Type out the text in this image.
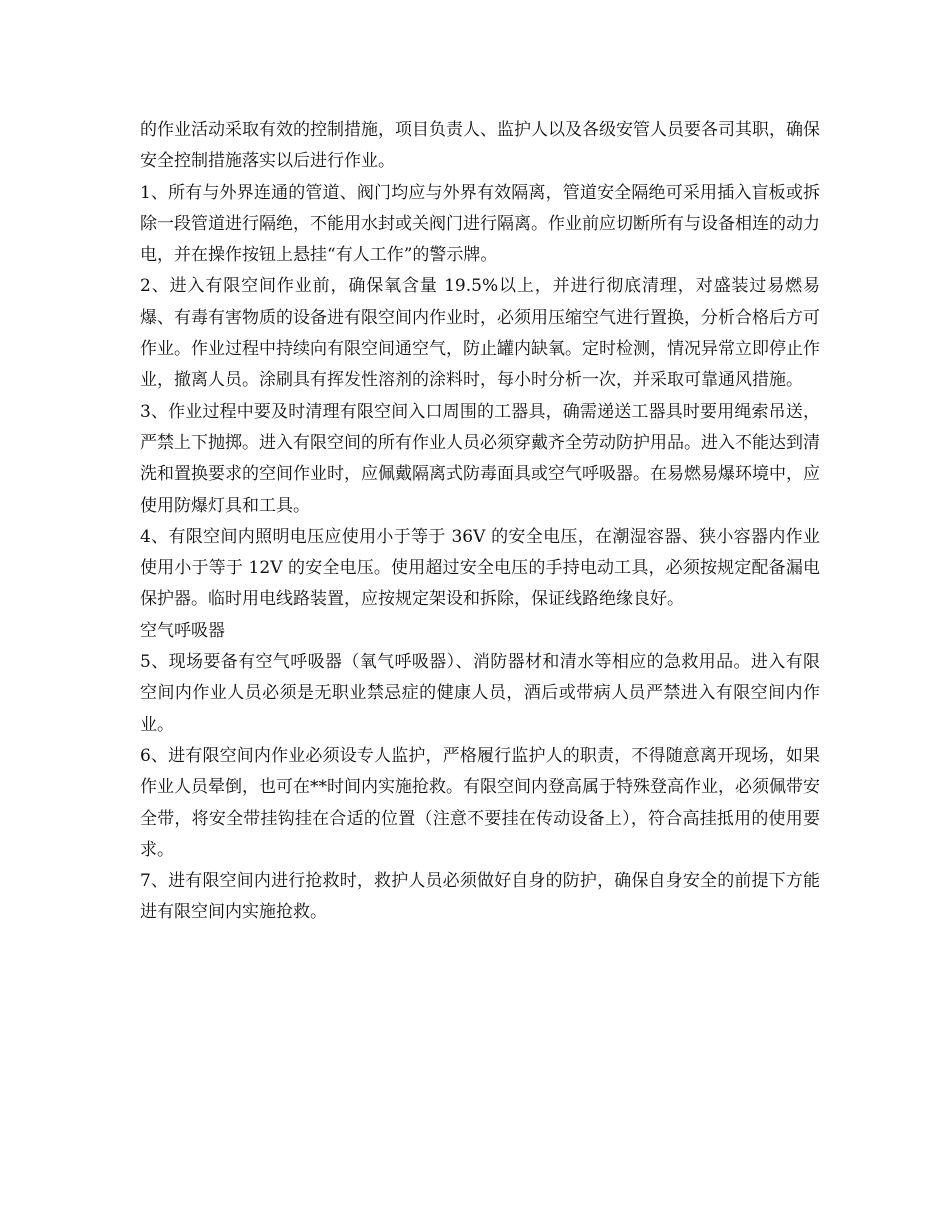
的作业活动采取有效的控制措施，项目负责人、监护人以及各级安管人员要各司其职，确保安全控制措施落实以后进行作业。

1、所有与外界连通的管道、阀门均应与外界有效隔离，管道安全隔绝可采用插入盲板或拆除一段管道进行隔绝，不能用水封或关阀门进行隔离。作业前应切断所有与设备相连的动力电，并在操作按钮上悬挂“有人工作”的警示牌。

2、进入有限空间作业前，确保氧含量 19.5%以上，并进行彻底清理，对盛装过易燃易爆、有毒有害物质的设备进有限空间内作业时，必须用压缩空气进行置换，分析合格后方可作业。作业过程中持续向有限空间通空气，防止罐内缺氧。定时检测，情况异常立即停止作业，撤离人员。涂刷具有挥发性溶剂的涂料时，每小时分析一次，并采取可靠通风措施。

3、作业过程中要及时清理有限空间入口周围的工器具，确需递送工器具时要用绳索吊送，严禁上下抛掷。进入有限空间的所有作业人员必须穿戴齐全劳动防护用品。进入不能达到清洗和置换要求的空间作业时，应佩戴隔离式防毒面具或空气呼吸器。在易燃易爆环境中，应使用防爆灯具和工具。

4、有限空间内照明电压应使用小于等于 36V 的安全电压，在潮湿容器、狭小容器内作业使用小于等于 12V 的安全电压。使用超过安全电压的手持电动工具，必须按规定配备漏电保护器。临时用电线路装置，应按规定架设和拆除，保证线路绝缘良好。

空气呼吸器

5、现场要备有空气呼吸器（氧气呼吸器）、消防器材和清水等相应的急救用品。进入有限空间内作业人员必须是无职业禁忌症的健康人员，酒后或带病人员严禁进入有限空间内作业。

6、进有限空间内作业必须设专人监护，严格履行监护人的职责，不得随意离开现场，如果作业人员晕倒，也可在**时间内实施抢救。有限空间内登高属于特殊登高作业，必须佩带安全带，将安全带挂钩挂在合适的位置（注意不要挂在传动设备上），符合高挂抵用的使用要求。

7、进有限空间内进行抢救时，救护人员必须做好自身的防护，确保自身安全的前提下方能进有限空间内实施抢救。
